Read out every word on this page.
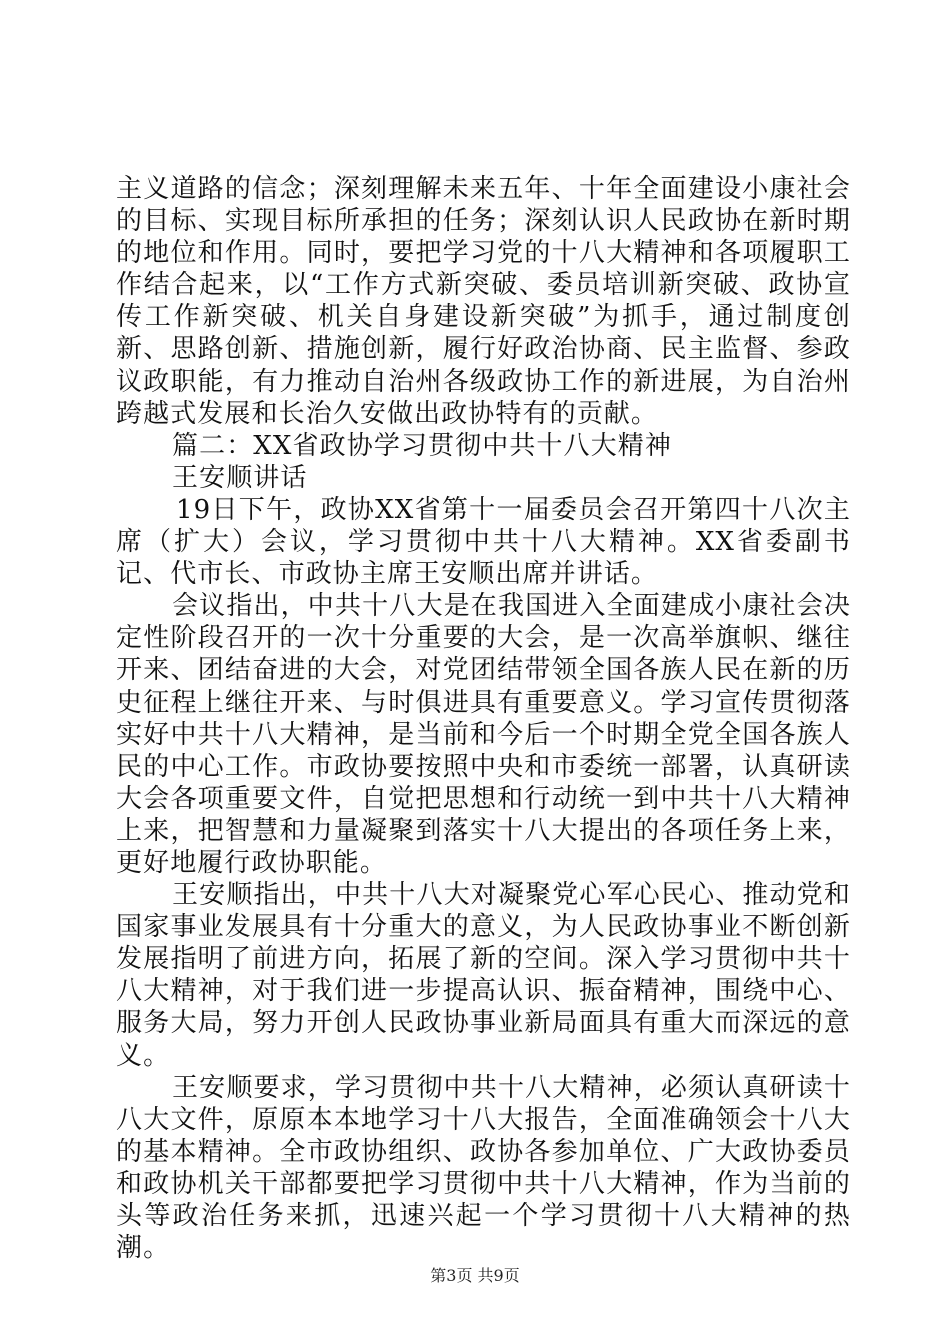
主义道路的信念；深刻理解未来五年、十年全面建设小康社会的目标、实现目标所承担的任务；深刻认识人民政协在新时期的地位和作用。同时，要把学习党的十八大精神和各项履职工作结合起来，以“工作方式新突破、委员培训新突破、政协宣传工作新突破、机关自身建设新突破”为抓手，通过制度创新、思路创新、措施创新，履行好政治协商、民主监督、参政议政职能，有力推动自治州各级政协工作的新进展，为自治州跨越式发展和长治久安做出政协特有的贡献。

篇二：XX省政协学习贯彻中共十八大精神

王安顺讲话

19日下午，政协XX省第十一届委员会召开第四十八次主席（扩大）会议，学习贯彻中共十八大精神。XX省委副书记、代市长、市政协主席王安顺出席并讲话。

会议指出，中共十八大是在我国进入全面建成小康社会决定性阶段召开的一次十分重要的大会，是一次高举旗帜、继往开来、团结奋进的大会，对党团结带领全国各族人民在新的历史征程上继往开来、与时俱进具有重要意义。学习宣传贯彻落实好中共十八大精神，是当前和今后一个时期全党全国各族人民的中心工作。市政协要按照中央和市委统一部署，认真研读大会各项重要文件，自觉把思想和行动统一到中共十八大精神上来，把智慧和力量凝聚到落实十八大提出的各项任务上来，更好地履行政协职能。

王安顺指出，中共十八大对凝聚党心军心民心、推动党和国家事业发展具有十分重大的意义，为人民政协事业不断创新发展指明了前进方向，拓展了新的空间。深入学习贯彻中共十八大精神，对于我们进一步提高认识、振奋精神，围绕中心、服务大局，努力开创人民政协事业新局面具有重大而深远的意义。

王安顺要求，学习贯彻中共十八大精神，必须认真研读十八大文件，原原本本地学习十八大报告，全面准确领会十八大的基本精神。全市政协组织、政协各参加单位、广大政协委员和政协机关干部都要把学习贯彻中共十八大精神，作为当前的头等政治任务来抓，迅速兴起一个学习贯彻十八大精神的热潮。

第3页 共9页
